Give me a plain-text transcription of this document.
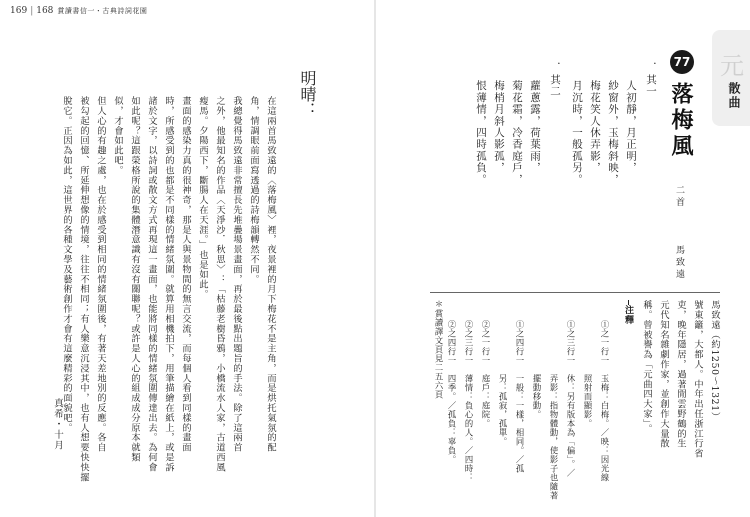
169 | 168 賞讀書信一・古典詩詞花園
明晴：
在這兩首馬致遠的〈落梅風〉裡，夜景裡的月下梅花不是主角，而是烘托氣氛的配
角，情調眼前面寫透過的詩梅韻轉然不同。
我總覺得馬致遠非常擅長先堆疊場景畫面，再於最後點出題旨的手法。除了這兩首
之外，他最知名的作品〈天淨沙．秋思〉：「枯藤老樹昏鴉，小橋流水人家，古道西風
瘦馬。夕陽西下，斷腸人在天涯。」也是如此。
畫面的感染力真的很神奇，那是人與景物間的無言交流，而每個人看到同樣的畫面
時，所感受到的也都是不同樣的情緒氛圍。就算用相機拍下，用筆描繪在紙上，或是訴
諸於文字，以詩詞或散文方式再現這一畫面，也能將同樣的情緒氛圍傳達出去。為何會
如此呢？這跟榮格所說的集體潛意識有沒有關聯呢？或許是人心的組成成分原本就類
似，才會如此吧。
但人心的有趣之處，也在於感受到相同的情緒氛圍後，有著天差地別的反應。各自
被勾起的回憶、所延伸想像的情境，往往不相同；有人樂意沉浸其中，也有人想要快快擺
脫它。正因為如此，這世界的各種文學及藝術創作才會有這麼精彩的面貌吧。
真希・十月
元
散曲
77
落梅風
二首
馬致遠
．其一
人初靜，月正明，
紗窗外，玉梅斜映，
梅花笑人休弄影，
月沉時，一般孤另。
．其二
蘿蔥露，荷葉雨，
菊花霜，冷香庭戶，
梅梢月斜人影孤，
恨薄情，四時孤負。
馬致遠（約1250～1321）
號東籬，大都人。中年出任浙江行省
吏，晚年隱居，過著閒雲野鶴的生
元代知名雜劇作家，並創作大量散
稱。曾被譽為「元曲四大家」。
注釋
①之一行一　玉梅：白梅。／映：因光線
　　　　　　照射而顯影。
①之三行一　休：另有版本為「偏」。／
　　　　　　弄影：指物體動，使影子也隨著
　　　　　　擺動移動。
①之四行一　一般：一樣，相同。／孤
　　　　　　另：孤寂，孤單。
②之一行一　庭戶：庭院。
②之三行一　薄情：負心的人。／四時：
②之四行一　四季。／孤負：辜負。
＊賞讀譯文頁見二五六頁
